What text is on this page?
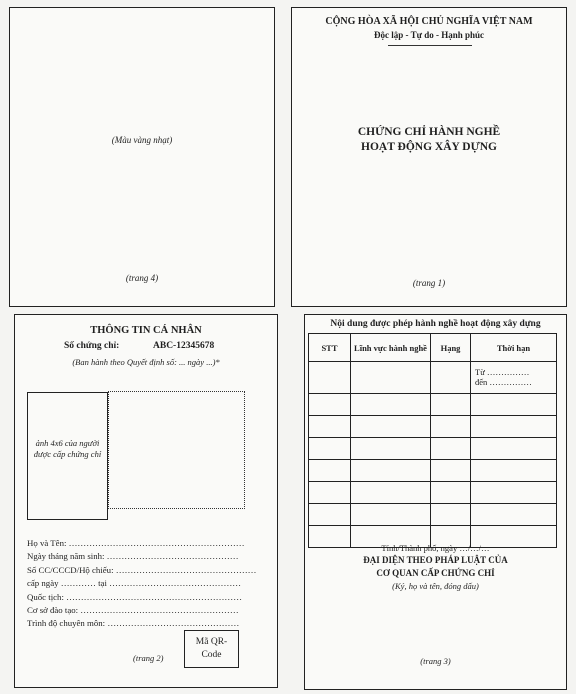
(Màu vàng nhạt)
(trang 4)
CỘNG HÒA XÃ HỘI CHỦ NGHĨA VIỆT NAM
Độc lập - Tự do - Hạnh phúc
CHỨNG CHỈ HÀNH NGHỀ
HOẠT ĐỘNG XÂY DỰNG
(trang 1)
THÔNG TIN CÁ NHÂN
Số chứng chỉ:	ABC-12345678
(Ban hành theo Quyết định số: ... ngày ...)*
ảnh 4x6 của người được cấp chứng chỉ
Họ và Tên: ……………………………………………………
Ngày tháng năm sinh: ………………………………………
Số CC/CCCD/Hộ chiếu: …………………………………………
cấp ngày ………… tại ………………………………………
Quốc tịch: ……………………………………………………
Cơ sở đào tạo: ………………………………………………
Trình độ chuyên môn: ………………………………………
(trang 2)
Mã QR-
Code
Nội dung được phép hành nghề hoạt động xây dựng
STT	Lĩnh vực hành nghề	Hạng	Thời hạn

			Từ ……………
đến ……………

Tỉnh/Thành phố, ngày …/…/…
ĐẠI DIỆN THEO PHÁP LUẬT CỦA
CƠ QUAN CẤP CHỨNG CHỈ
(Ký, họ và tên, đóng dấu)
(trang 3)
